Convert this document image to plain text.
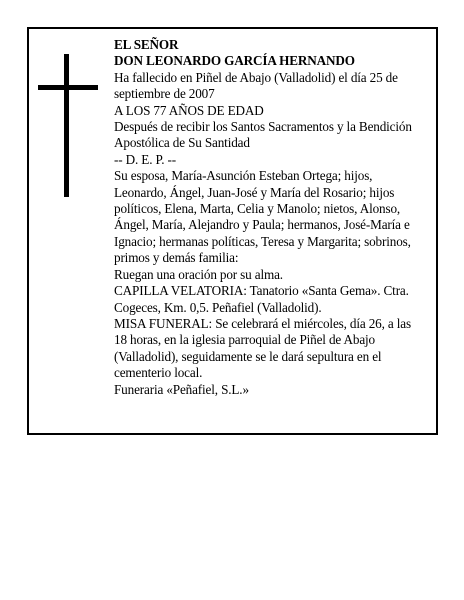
EL SEÑOR

DON LEONARDO GARCÍA HERNANDO

Ha fallecido en Piñel de Abajo (Valladolid) el día 25 de septiembre de 2007

A LOS 77 AÑOS DE EDAD

Después de recibir los Santos Sacramentos y la Bendición Apostólica de Su Santidad

-- D. E. P. --

Su esposa, María-Asunción Esteban Ortega; hijos, Leonardo, Ángel, Juan-José y María del Rosario; hijos políticos, Elena, Marta, Celia y Manolo; nietos, Alonso, Ángel, María, Alejandro y Paula; hermanos, José-María e Ignacio; hermanas políticas, Teresa y Margarita; sobrinos, primos y demás familia:

Ruegan una oración por su alma.

CAPILLA VELATORIA: Tanatorio «Santa Gema». Ctra. Cogeces, Km. 0,5. Peñafiel (Valladolid).

MISA FUNERAL: Se celebrará el miércoles, día 26, a las 18 horas, en la iglesia parroquial de Piñel de Abajo (Valladolid), seguidamente se le dará sepultura en el cementerio local.

Funeraria «Peñafiel, S.L.»
